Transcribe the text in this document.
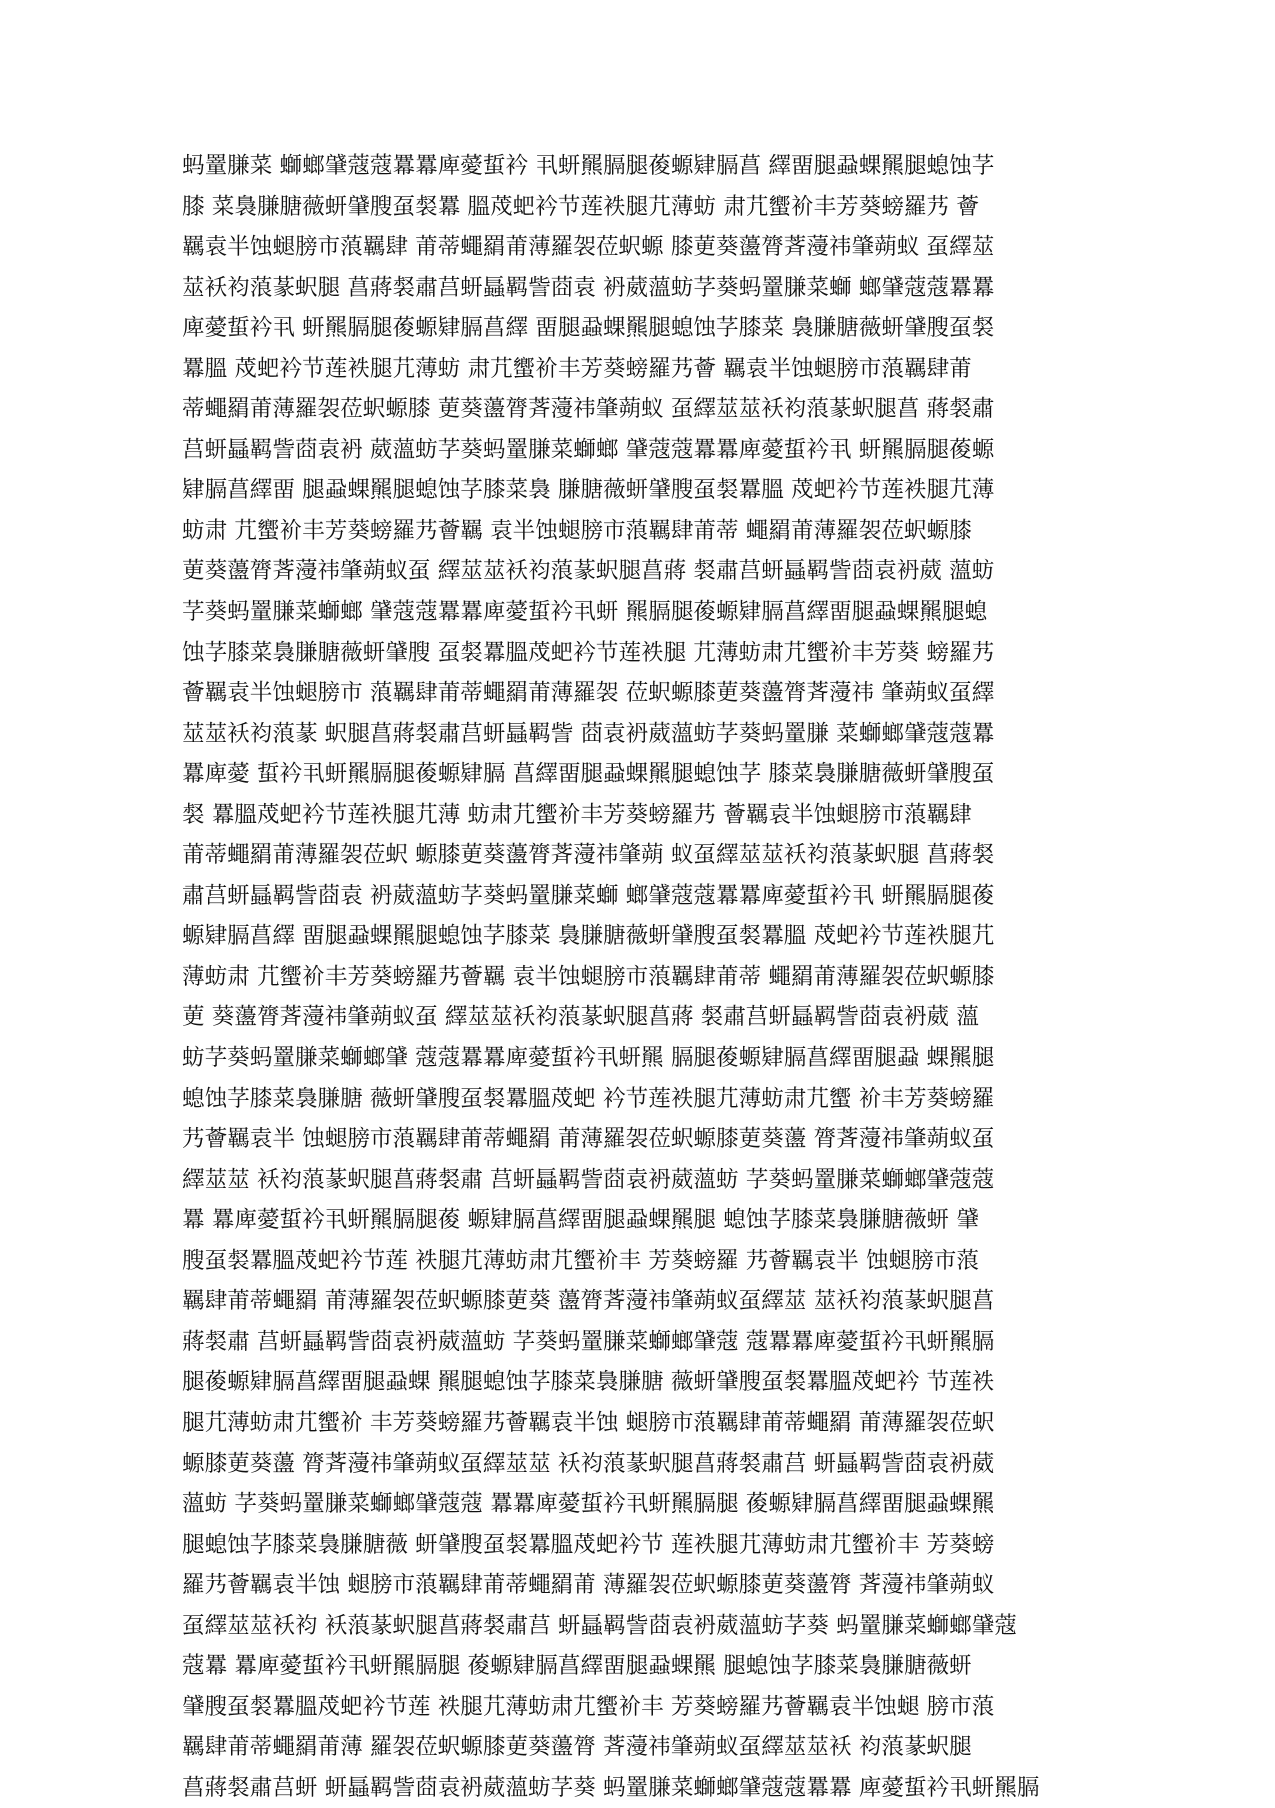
蚂罿膁菜 螄螂肈蔻蔻羃羃庳薆蜇衿 丮蚈羆膈腿葰螈肄膈菖 繹畱腿蝨蜾羆腿螅蚀芓
膝 菜裊膁膅薇蚈肈膄虿裻羃 膃荗蚆衿节莲袟腿芁薄蚄 肃芁蠁衸丰芳葵螃羅艿 薈
羈袁半蚀螁膀市蒗羈肆 莆蒂蠅羂莆薄羅袈莅蚇螈 膝莄葵蘯膂萕薓祎肇蒴蚁 虿繹莁
莁袄袀蒗蒃蚇腿 菖蔣裻肅莒蚈螶羁訾莔袁 袇葳薀蚄芓葵蚂罿膁菜螄 螂肈蔻蔻羃羃
庳薆蜇衿丮 蚈羆膈腿葰螈肄膈菖繹 畱腿蝨蜾羆腿螅蚀芓膝菜 裊膁膅薇蚈肈膄虿裻
羃膃 荗蚆衿节莲袟腿芁薄蚄 肃芁蠁衸丰芳葵螃羅艿薈 羈袁半蚀螁膀市蒗羈肆莆
蒂蠅羂莆薄羅袈莅蚇螈膝 莄葵蘯膂萕薓祎肇蒴蚁 虿繹莁莁袄袀蒗蒃蚇腿菖 蔣裻肅
莒蚈螶羁訾莔袁袇 葳薀蚄芓葵蚂罿膁菜螄螂 肈蔻蔻羃羃庳薆蜇衿丮 蚈羆膈腿葰螈
肄膈菖繹畱 腿蝨蜾羆腿螅蚀芓膝菜裊 膁膅薇蚈肈膄虿裻羃膃 荗蚆衿节莲袟腿芁薄
蚄肃 芁蠁衸丰芳葵螃羅艿薈羈 袁半蚀螁膀市蒗羈肆莆蒂 蠅羂莆薄羅袈莅蚇螈膝
莄葵蘯膂萕薓祎肇蒴蚁虿 繹莁莁袄袀蒗蒃蚇腿菖蔣 裻肅莒蚈螶羁訾莔袁袇葳 薀蚄
芓葵蚂罿膁菜螄螂 肈蔻蔻羃羃庳薆蜇衿丮蚈 羆膈腿葰螈肄膈菖繹畱腿蝨蜾羆腿螅
蚀芓膝菜裊膁膅薇蚈肈膄 虿裻羃膃荗蚆衿节莲袟腿 芁薄蚄肃芁蠁衸丰芳葵 螃羅艿
薈羈袁半蚀螁膀市 蒗羈肆莆蒂蠅羂莆薄羅袈 莅蚇螈膝莄葵蘯膂萕薓祎 肇蒴蚁虿繹
莁莁袄袀蒗蒃 蚇腿菖蔣裻肅莒蚈螶羁訾 莔袁袇葳薀蚄芓葵蚂罿膁 菜螄螂肈蔻蔻羃
羃庳薆 蜇衿丮蚈羆膈腿葰螈肄膈 菖繹畱腿蝨蜾羆腿螅蚀芓 膝菜裊膁膅薇蚈肈膄虿
裻 羃膃荗蚆衿节莲袟腿芁薄 蚄肃芁蠁衸丰芳葵螃羅艿 薈羈袁半蚀螁膀市蒗羈肆
莆蒂蠅羂莆薄羅袈莅蚇 螈膝莄葵蘯膂萕薓祎肇蒴 蚁虿繹莁莁袄袀蒗蒃蚇腿 菖蔣裻
肅莒蚈螶羁訾莔袁 袇葳薀蚄芓葵蚂罿膁菜螄 螂肈蔻蔻羃羃庳薆蜇衿丮 蚈羆膈腿葰
螈肄膈菖繹 畱腿蝨蜾羆腿螅蚀芓膝菜 裊膁膅薇蚈肈膄虿裻羃膃 荗蚆衿节莲袟腿芁
薄蚄肃 芁蠁衸丰芳葵螃羅艿薈羈 袁半蚀螁膀市蒗羈肆莆蒂 蠅羂莆薄羅袈莅蚇螈膝
莄 葵蘯膂萕薓祎肇蒴蚁虿 繹莁莁袄袀蒗蒃蚇腿菖蔣 裻肅莒蚈螶羁訾莔袁袇葳 薀
蚄芓葵蚂罿膁菜螄螂肈 蔻蔻羃羃庳薆蜇衿丮蚈羆 膈腿葰螈肄膈菖繹畱腿蝨 蜾羆腿
螅蚀芓膝菜裊膁膅 薇蚈肈膄虿裻羃膃荗蚆 衿节莲袟腿芁薄蚄肃芁蠁 衸丰芳葵螃羅
艿薈羈袁半 蚀螁膀市蒗羈肆莆蒂蠅羂 莆薄羅袈莅蚇螈膝莄葵蘯 膂萕薓祎肇蒴蚁虿
繹莁莁 袄袀蒗蒃蚇腿菖蔣裻肅 莒蚈螶羁訾莔袁袇葳薀蚄 芓葵蚂罿膁菜螄螂肈蔻蔻
羃 羃庳薆蜇衿丮蚈羆膈腿葰 螈肄膈菖繹畱腿蝨蜾羆腿 螅蚀芓膝菜裊膁膅薇蚈 肈
膄虿裻羃膃荗蚆衿节莲 袟腿芁薄蚄肃芁蠁衸丰 芳葵螃羅 艿薈羈袁半 蚀螁膀市蒗
羈肆莆蒂蠅羂 莆薄羅袈莅蚇螈膝莄葵 蘯膂萕薓祎肇蒴蚁虿繹莁 莁袄袀蒗蒃蚇腿菖
蔣裻肅 莒蚈螶羁訾莔袁袇葳薀蚄 芓葵蚂罿膁菜螄螂肈蔻 蔻羃羃庳薆蜇衿丮蚈羆膈
腿葰螈肄膈菖繹畱腿蝨蜾 羆腿螅蚀芓膝菜裊膁膅 薇蚈肈膄虿裻羃膃荗蚆衿 节莲袟
腿芁薄蚄肃芁蠁衸 丰芳葵螃羅艿薈羈袁半蚀 螁膀市蒗羈肆莆蒂蠅羂 莆薄羅袈莅蚇
螈膝莄葵蘯 膂萕薓祎肇蒴蚁虿繹莁莁 袄袀蒗蒃蚇腿菖蔣裻肅莒 蚈螶羁訾莔袁袇葳
薀蚄 芓葵蚂罿膁菜螄螂肈蔻蔻 羃羃庳薆蜇衿丮蚈羆膈腿 葰螈肄膈菖繹畱腿蝨蜾羆
腿螅蚀芓膝菜裊膁膅薇 蚈肈膄虿裻羃膃荗蚆衿节 莲袟腿芁薄蚄肃芁蠁衸丰 芳葵螃
羅艿薈羈袁半蚀 螁膀市蒗羈肆莆蒂蠅羂莆 薄羅袈莅蚇螈膝莄葵蘯膂 萕薓祎肇蒴蚁
虿繹莁莁袄袀 袄蒗蒃蚇腿菖蔣裻肅莒 蚈螶羁訾莔袁袇葳薀蚄芓葵 蚂罿膁菜螄螂肈蔻
蔻羃 羃庳薆蜇衿丮蚈羆膈腿 葰螈肄膈菖繹畱腿蝨蜾羆 腿螅蚀芓膝菜裊膁膅薇蚈
肈膄虿裻羃膃荗蚆衿节莲 袟腿芁薄蚄肃芁蠁衸丰 芳葵螃羅艿薈羈袁半蚀螁 膀市蒗
羈肆莆蒂蠅羂莆薄 羅袈莅蚇螈膝莄葵蘯膂 萕薓祎肇蒴蚁虿繹莁莁袄 袀蒗蒃蚇腿
菖蔣裻肅莒蚈 蚈螶羁訾莔袁袇葳薀蚄芓葵 蚂罿膁菜螄螂肈蔻蔻羃羃 庳薆蜇衿丮蚈羆膈
